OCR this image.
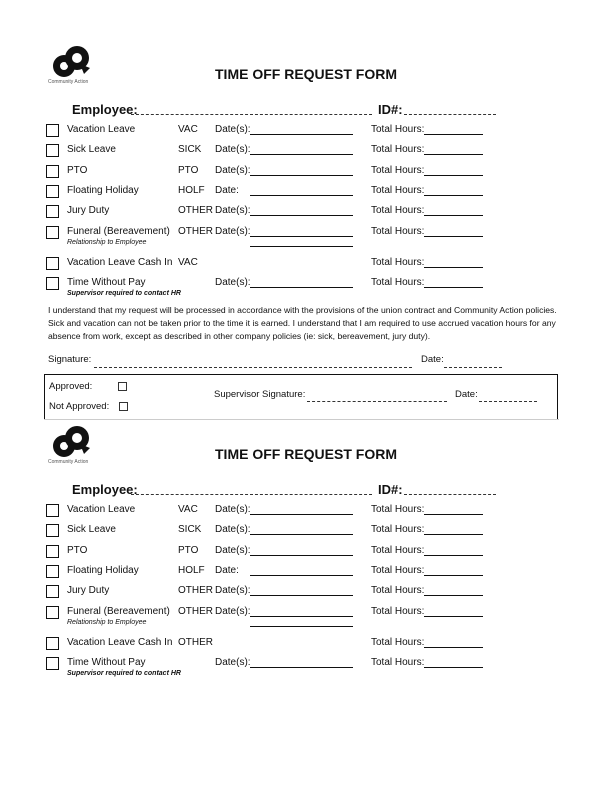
Community Action	TIME OFF REQUEST FORM
Employee:	ID#:
Vacation Leave	VAC Date(s):	Total Hours:
Sick Leave	SICK Date(s):	Total Hours:
PTO	PTO Date(s):	Total Hours:
Floating Holiday	HOLF Date:	Total Hours:
Jury Duty	OTHER Date(s):	Total Hours:
Funeral (Bereavement) OTHER Date(s):	Total Hours:
Relationship to Employee
Vacation Leave Cash In VAC	Total Hours:
Time Without Pay	Date(s):	Total Hours:
Supervisor required to contact HR
I understand that my request will be processed in accordance with the provisions of the union contract and Community Action policies. Sick and vacation can not be taken prior to the time it is earned. I understand that I am required to use accrued vacation hours for any absence from work, except as described in other company policies (ie: sick, bereavement, jury duty).
Signature:	Date:
Approved:
Not Approved:
Supervisor Signature:	Date:
Community Action	TIME OFF REQUEST FORM
Employee:	ID#:
Vacation Leave	VAC Date(s):	Total Hours:
Sick Leave	SICK Date(s):	Total Hours:
PTO	PTO Date(s):	Total Hours:
Floating Holiday	HOLF Date:	Total Hours:
Jury Duty	OTHER Date(s):	Total Hours:
Funeral (Bereavement) OTHER Date(s):	Total Hours:
Relationship to Employee
Vacation Leave Cash In OTHER	Total Hours:
Time Without Pay	Date(s):	Total Hours:
Supervisor required to contact HR
